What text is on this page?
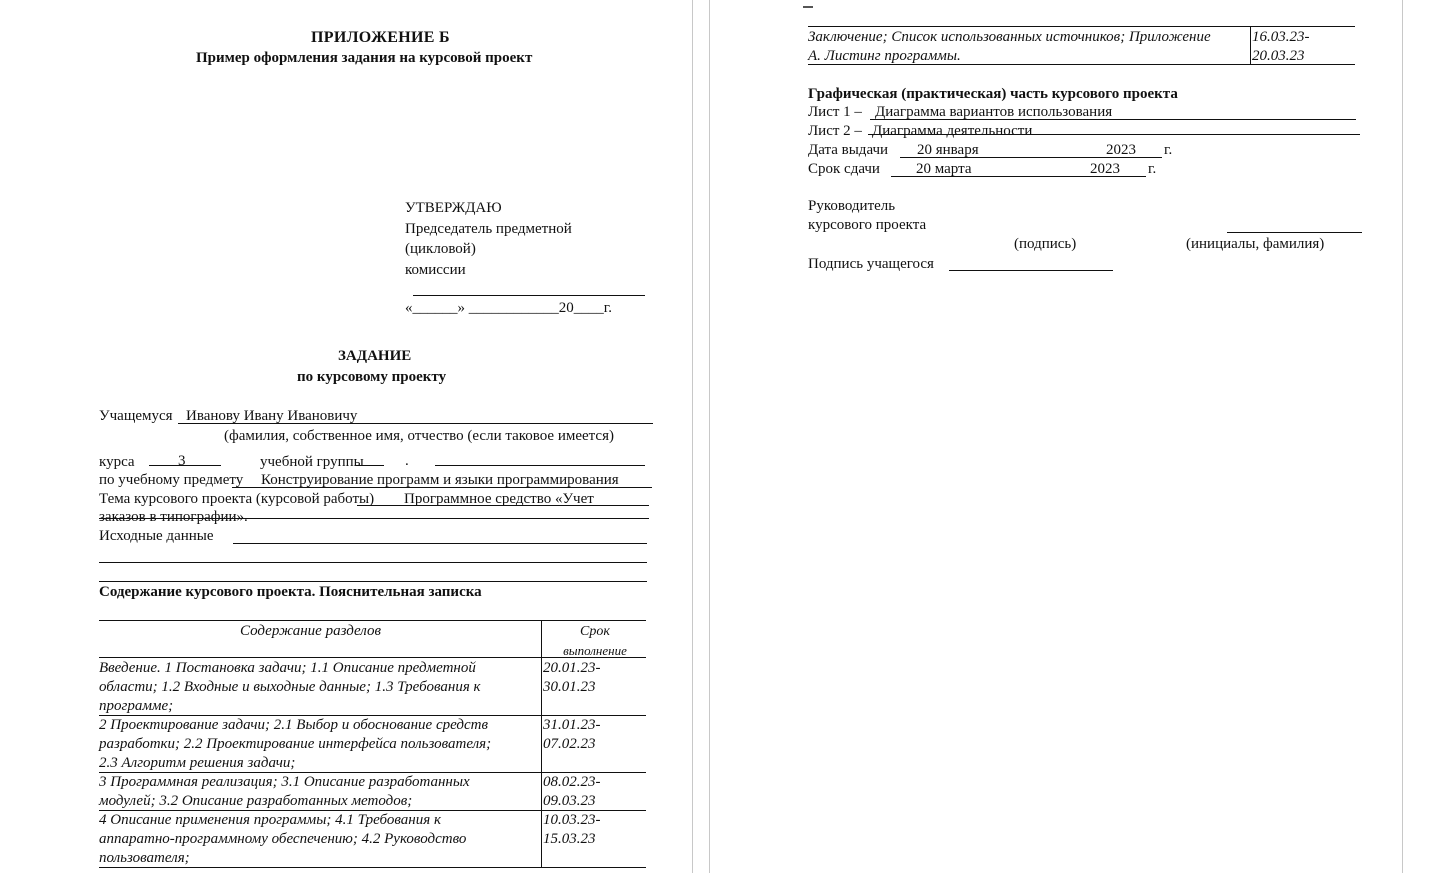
ПРИЛОЖЕНИЕ Б
Пример оформления задания на курсовой проект
УТВЕРЖДАЮ
Председатель предметной
(цикловой)
комиссии
«______» ____________20____г.
ЗАДАНИЕ
по курсовому проекту
Учащемуся Иванову Ивану Ивановичу
(фамилия, собственное имя, отчество (если таковое имеется)
курса	3	учебной группы	.
по учебному предмету Конструирование программ и языки программирования
Тема курсового проекта (курсовой работы) Программное средство «Учет
заказов в типографии».
Исходные данные
Содержание курсового проекта. Пояснительная записка
Содержание разделов	Срок
выполнение
Введение. 1 Постановка задачи; 1.1 Описание предметной
области; 1.2 Входные и выходные данные; 1.3 Требования к
программе;
20.01.23-
30.01.23
2 Проектирование задачи; 2.1 Выбор и обоснование средств
разработки; 2.2 Проектирование интерфейса пользователя;
2.3 Алгоритм решения задачи;
31.01.23-
07.02.23
3 Программная реализация; 3.1 Описание разработанных
модулей; 3.2 Описание разработанных методов;
08.02.23-
09.03.23
4 Описание применения программы; 4.1 Требования к
аппаратно-программному обеспечению; 4.2 Руководство
пользователя;
10.03.23-
15.03.23
Заключение; Список использованных источников; Приложение
А. Листинг программы.
16.03.23-
20.03.23
Графическая (практическая) часть курсового проекта
Лист 1 – Диаграмма вариантов использования
Лист 2 – Диаграмма деятельности
Дата выдачи 20 января	2023 г.
Срок сдачи 20 марта	2023 г.
Руководитель
курсового проекта
(подпись)	(инициалы, фамилия)
Подпись учащегося
